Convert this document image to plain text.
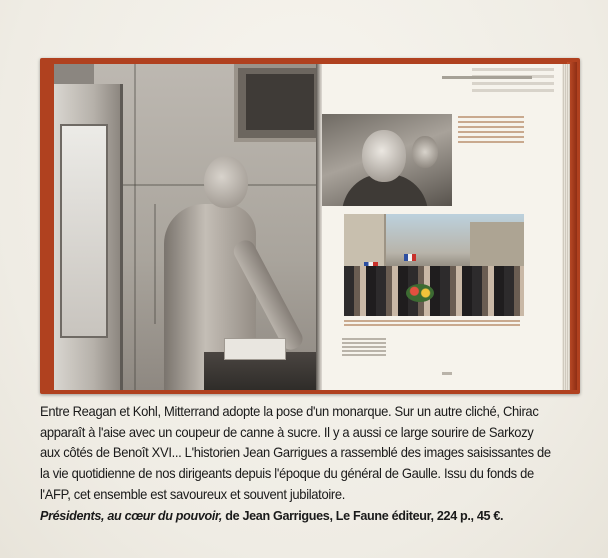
Entre Reagan et Kohl, Mitterrand adopte la pose d'un monarque. Sur un autre cliché, Chirac apparaît à l'aise avec un coupeur de canne à sucre. Il y a aussi ce large sourire de Sarkozy aux côtés de Benoît XVI... L'historien Jean Garrigues a rassemblé des images saisissantes de la vie quotidienne de nos dirigeants depuis l'époque du général de Gaulle. Issu du fonds de l'AFP, cet ensemble est savoureux et souvent jubilatoire.

Présidents, au cœur du pouvoir, de Jean Garrigues, Le Faune éditeur, 224 p., 45 €.
